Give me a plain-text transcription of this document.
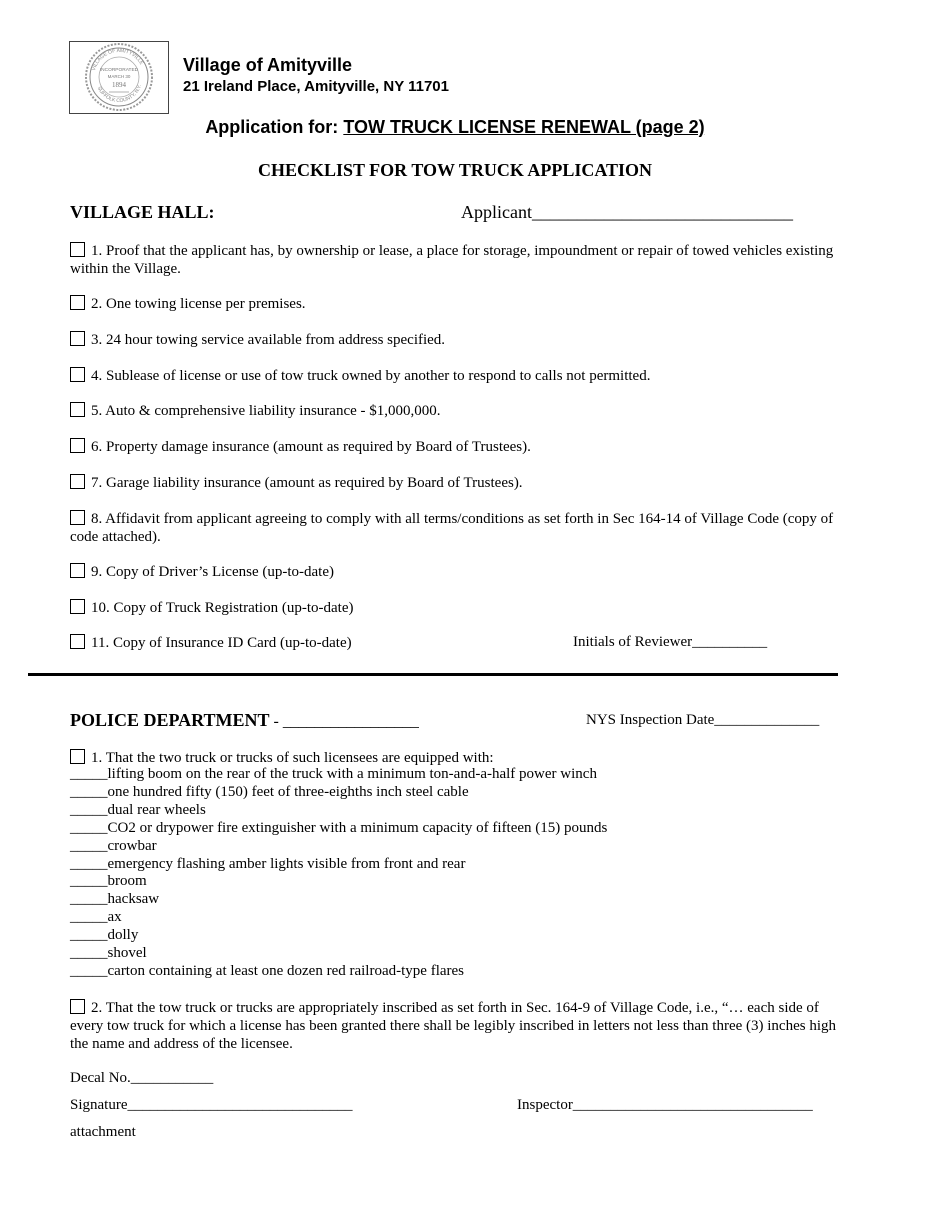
VILLAGE OF AMITYVILLE
SUFFOLK COUNTY, N.Y.
INCORPORATED
MARCH 30
1894
Village of Amityville
21 Ireland Place, Amityville, NY 11701
Application for: TOW TRUCK LICENSE RENEWAL (page 2)
CHECKLIST FOR TOW TRUCK APPLICATION
VILLAGE HALL:	Applicant_____________________________
1. Proof that the applicant has, by ownership or lease, a place for storage, impoundment or repair of towed vehicles existing within the Village.
2. One towing license per premises.
3. 24 hour towing service available from address specified.
4. Sublease of license or use of tow truck owned by another to respond to calls not permitted.
5. Auto & comprehensive liability insurance - $1,000,000.
6. Property damage insurance (amount as required by Board of Trustees).
7. Garage liability insurance (amount as required by Board of Trustees).
8. Affidavit from applicant agreeing to comply with all terms/conditions as set forth in Sec 164-14 of Village Code (copy of code attached).
9. Copy of Driver’s License (up-to-date)
10. Copy of Truck Registration (up-to-date)
11. Copy of Insurance ID Card (up-to-date)	Initials of Reviewer__________
POLICE DEPARTMENT - _________________	NYS Inspection Date______________
1. That the two truck or trucks of such licensees are equipped with:
_____lifting boom on the rear of the truck with a minimum ton-and-a-half power winch
_____one hundred fifty (150) feet of three-eighths inch steel cable
_____dual rear wheels
_____CO2 or drypower fire extinguisher with a minimum capacity of fifteen (15) pounds
_____crowbar
_____emergency flashing amber lights visible from front and rear
_____broom
_____hacksaw
_____ax
_____dolly
_____shovel
_____carton containing at least one dozen red railroad-type flares
2. That the tow truck or trucks are appropriately inscribed as set forth in Sec. 164-9 of Village Code, i.e., “… each side of every tow truck for which a license has been granted there shall be legibly inscribed in letters not less than three (3) inches high the name and address of the licensee.
Decal No.___________
Signature______________________________	Inspector________________________________
attachment
